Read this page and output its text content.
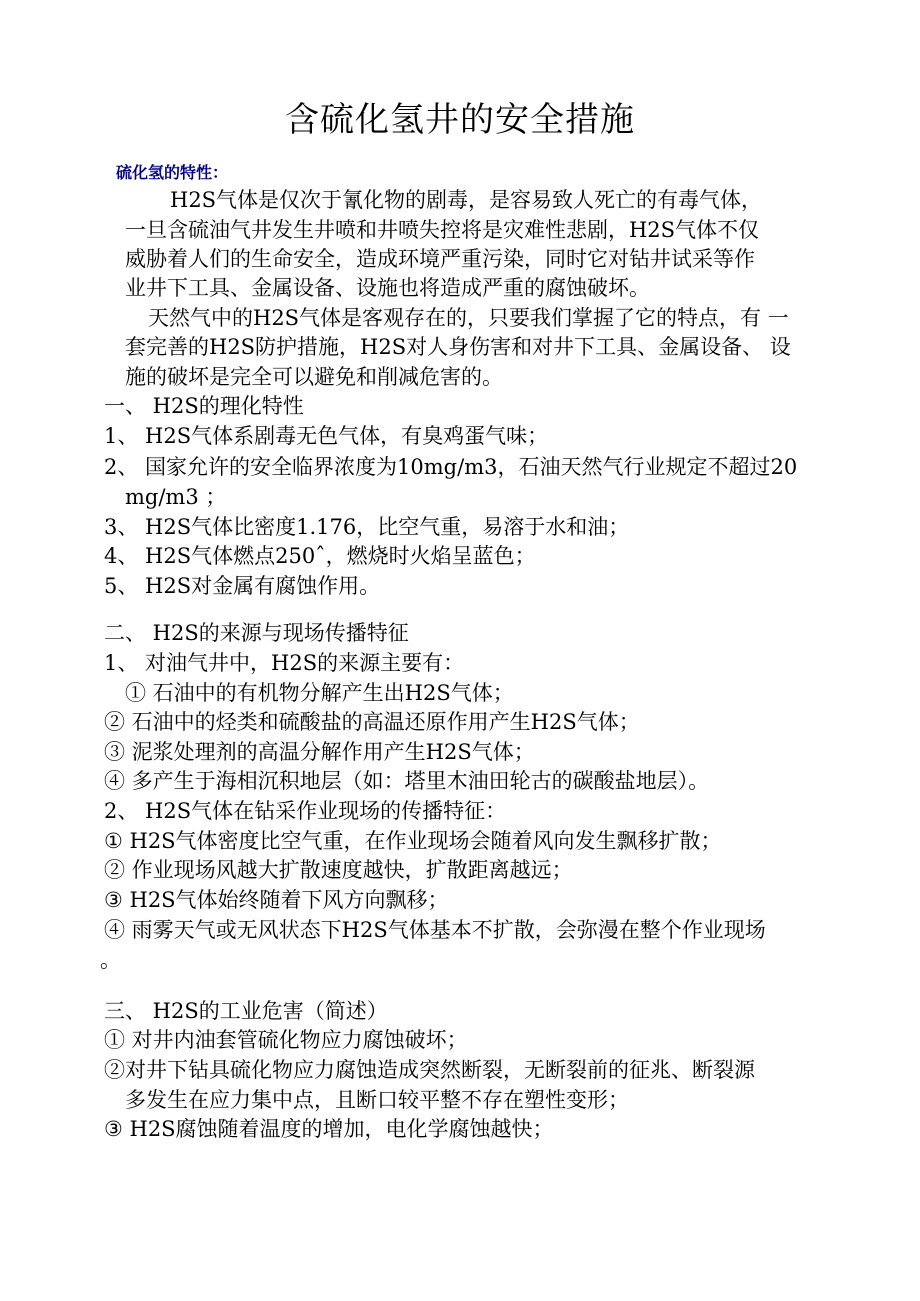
含硫化氢井的安全措施
硫化氢的特性：
H2S气体是仅次于氰化物的剧毒，是容易致人死亡的有毒气体，
一旦含硫油气井发生井喷和井喷失控将是灾难性悲剧，H2S气体不仅
威胁着人们的生命安全，造成环境严重污染，同时它对钻井试采等作
业井下工具、金属设备、设施也将造成严重的腐蚀破坏。
天然气中的H2S气体是客观存在的，只要我们掌握了它的特点，有 一
套完善的H2S防护措施，H2S对人身伤害和对井下工具、金属设备、 设
施的破坏是完全可以避免和削减危害的。
一、 H2S的理化特性
1、 H2S气体系剧毒无色气体，有臭鸡蛋气味；
2、 国家允许的安全临界浓度为10mg/m3，石油天然气行业规定不超过20
mg/m3 ；
3、 H2S气体比密度1.176，比空气重，易溶于水和油；
4、 H2S气体燃点250ˆ，燃烧时火焰呈蓝色；
5、 H2S对金属有腐蚀作用。
二、 H2S的来源与现场传播特征
1、 对油气井中，H2S的来源主要有：
① 石油中的有机物分解产生出H2S气体；
② 石油中的烃类和硫酸盐的高温还原作用产生H2S气体；
③ 泥浆处理剂的高温分解作用产生H2S气体；
④ 多产生于海相沉积地层（如：塔里木油田轮古的碳酸盐地层）。
2、 H2S气体在钻采作业现场的传播特征：
① H2S气体密度比空气重，在作业现场会随着风向发生飘移扩散；
② 作业现场风越大扩散速度越快，扩散距离越远；
③ H2S气体始终随着下风方向飘移；
④ 雨雾天气或无风状态下H2S气体基本不扩散，会弥漫在整个作业现场
。
三、 H2S的工业危害（简述）
① 对井内油套管硫化物应力腐蚀破坏；
②对井下钻具硫化物应力腐蚀造成突然断裂，无断裂前的征兆、断裂源
多发生在应力集中点，且断口较平整不存在塑性变形；
③ H2S腐蚀随着温度的增加，电化学腐蚀越快；
